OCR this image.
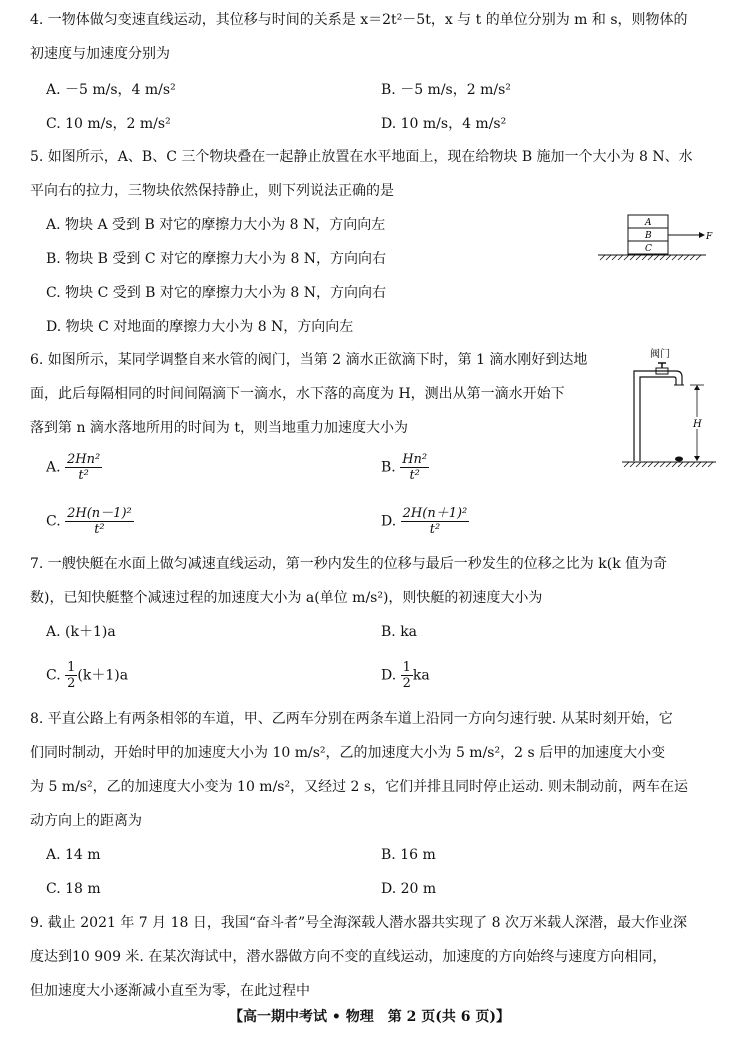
4. 一物体做匀变速直线运动，其位移与时间的关系是 x＝2t²－5t，x 与 t 的单位分别为 m 和 s，则物体的
初速度与加速度分别为
A. －5 m/s，4 m/s²	B. －5 m/s，2 m/s²
C. 10 m/s，2 m/s²	D. 10 m/s，4 m/s²
5. 如图所示，A、B、C 三个物块叠在一起静止放置在水平地面上，现在给物块 B 施加一个大小为 8 N、水
平向右的拉力，三物块依然保持静止，则下列说法正确的是
A. 物块 A 受到 B 对它的摩擦力大小为 8 N，方向向左
B. 物块 B 受到 C 对它的摩擦力大小为 8 N，方向向右
C. 物块 C 受到 B 对它的摩擦力大小为 8 N，方向向右
D. 物块 C 对地面的摩擦力大小为 8 N，方向向左
A
B
C
F
6. 如图所示，某同学调整自来水管的阀门，当第 2 滴水正欲滴下时，第 1 滴水刚好到达地
面，此后每隔相同的时间间隔滴下一滴水，水下落的高度为 H，测出从第一滴水开始下
落到第 n 滴水落地所用的时间为 t，则当地重力加速度大小为
A. $\frac{\text{2Hn²}}{\text{t²}}$	B. $\frac{\text{Hn²}}{\text{t²}}$
C. $\frac{\text{2H(n－1)²}}{\text{t²}}$	D. $\frac{\text{2H(n＋1)²}}{\text{t²}}$
阀门
H
7. 一艘快艇在水面上做匀减速直线运动，第一秒内发生的位移与最后一秒发生的位移之比为 k(k 值为奇
数)，已知快艇整个减速过程的加速度大小为 a(单位 m/s²)，则快艇的初速度大小为
A. (k＋1)a	B. ka
C. $\frac{1}{2} (k+1)a$	D. $\frac{1}{2}$ ka
8. 平直公路上有两条相邻的车道，甲、乙两车分别在两条车道上沿同一方向匀速行驶. 从某时刻开始，它
们同时制动，开始时甲的加速度大小为 10 m/s²，乙的加速度大小为 5 m/s²，2 s 后甲的加速度大小变
为 5 m/s²，乙的加速度大小变为 10 m/s²，又经过 2 s，它们并排且同时停止运动. 则未制动前，两车在运
动方向上的距离为
A. 14 m	B. 16 m
C. 18 m	D. 20 m
9. 截止 2021 年 7 月 18 日，我国“奋斗者”号全海深载人潜水器共实现了 8 次万米载人深潜，最大作业深
度达到10 909 米. 在某次海试中，潜水器做方向不变的直线运动，加速度的方向始终与速度方向相同，
但加速度大小逐渐减小直至为零，在此过程中
【高一期中考试 • 物理　第 2 页(共 6 页)】
